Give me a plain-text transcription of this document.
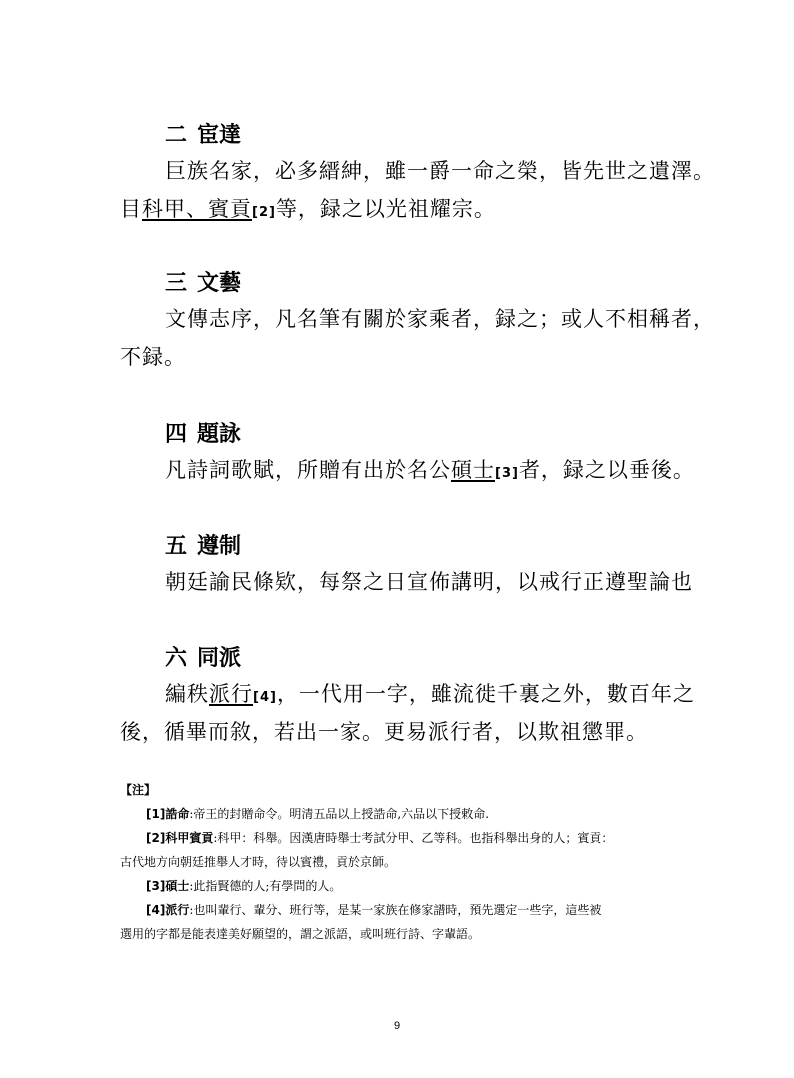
二 宦達
巨族名家，必多縉紳，雖一爵一命之榮，皆先世之遺澤。
目科甲、賓貢[2]等，録之以光祖耀宗。
三 文藝
文傳志序，凡名筆有關於家乘者，録之；或人不相稱者，
不録。
四 題詠
凡詩詞歌賦，所贈有出於名公碩士[3]者，録之以垂後。
五 遵制
朝廷諭民條欵，每祭之日宣佈講明，以戒行正遵聖論也
六 同派
編秩派行[4]，一代用一字，雖流徙千裏之外，數百年之
後，循畢而敘，若出一家。更易派行者，以欺祖懲罪。
【注】
[1]誥命:帝王的封贈命令。明清五品以上授誥命,六品以下授敕命.
[2]科甲賓貢:科甲：科舉。因漢唐時舉士考試分甲、乙等科。也指科舉出身的人；賓貢：
古代地方向朝廷推舉人才時，待以賓禮，貢於京師。
[3]碩士:此指賢德的人;有學問的人。
[4]派行:也叫輩行、輩分、班行等，是某一家族在修家譜時，預先選定一些字，這些被
選用的字都是能表達美好願望的，謂之派語，或叫班行詩、字輩語。
9
